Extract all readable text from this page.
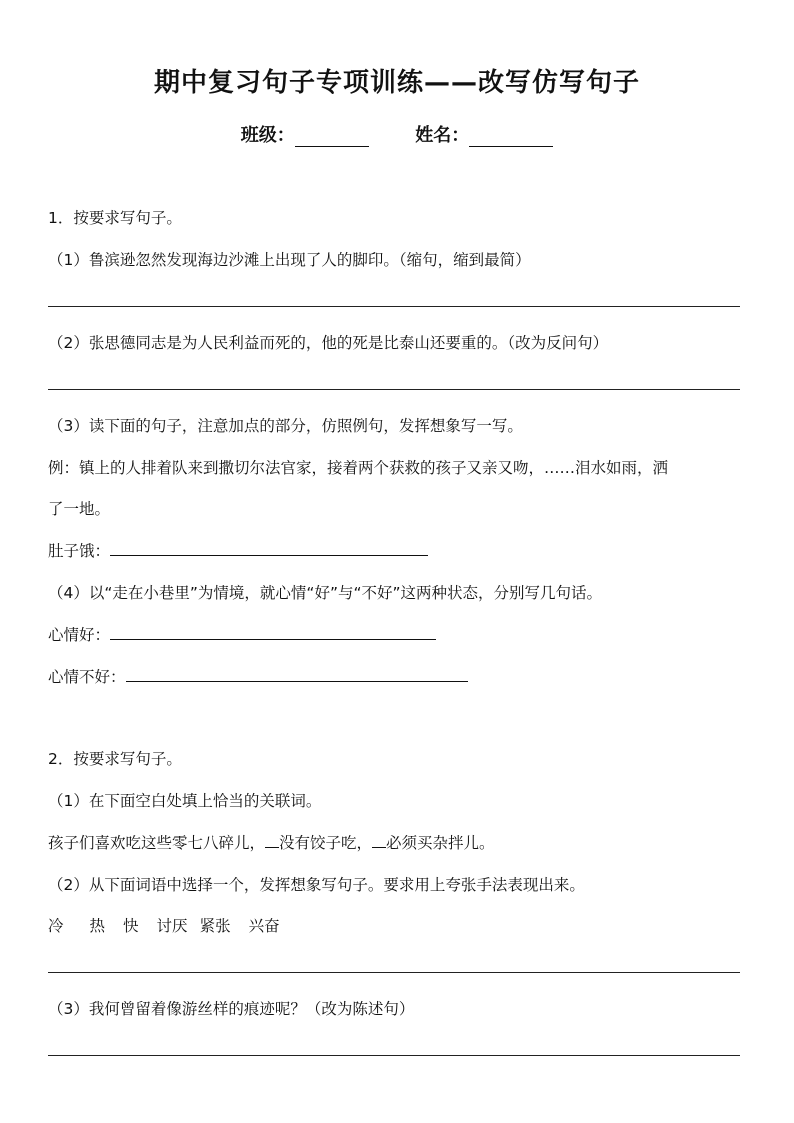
期中复习句子专项训练——改写仿写句子
班级：	姓名：
1．按要求写句子。
（1）鲁滨逊忽然发现海边沙滩上出现了人的脚印。（缩句，缩到最简）
（2）张思德同志是为人民利益而死的，他的死是比泰山还要重的。（改为反问句）
（3）读下面的句子，注意加点的部分，仿照例句，发挥想象写一写。
例：镇上的人排着队来到撒切尔法官家，接着两个获救的孩子又亲又吻，……泪水如雨，洒
了一地。
肚子饿：
（4）以“走在小巷里”为情境，就心情“好”与“不好”这两种状态，分别写几句话。
心情好：
心情不好：
2．按要求写句子。
（1）在下面空白处填上恰当的关联词。
孩子们喜欢吃这些零七八碎儿， 没有饺子吃， 必须买杂拌儿。
（2）从下面词语中选择一个，发挥想象写句子。要求用上夸张手法表现出来。
冷 热 快 讨厌 紧张 兴奋
（3）我何曾留着像游丝样的痕迹呢？（改为陈述句）
